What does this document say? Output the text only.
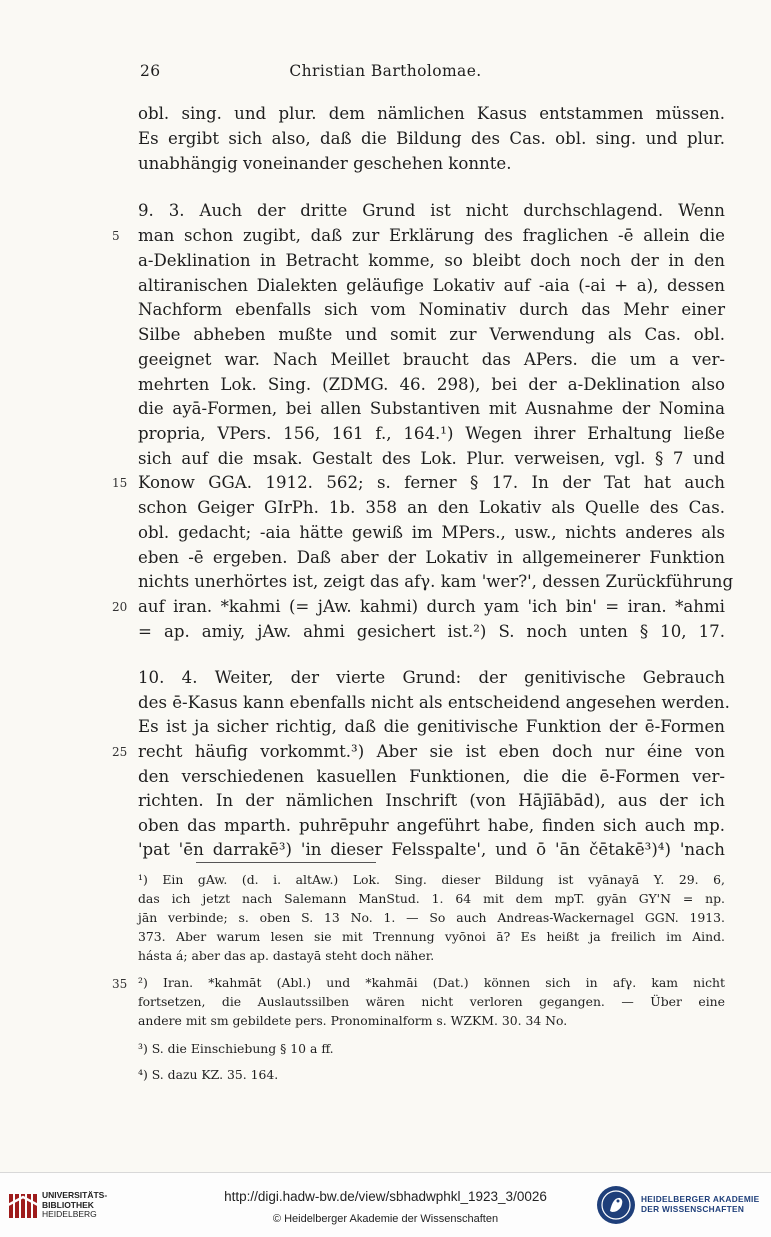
26	Christian Bartholomae.
obl. sing. und plur. dem nämlichen Kasus entstammen müssen.
Es ergibt sich also, daß die Bildung des Cas. obl. sing. und plur.
unabhängig voneinander geschehen konnte.
9. 3. Auch der dritte Grund ist nicht durchschlagend. Wenn
man schon zugibt, daß zur Erklärung des fraglichen -ē allein die
a-Deklination in Betracht komme, so bleibt doch noch der in den
altiranischen Dialekten geläufige Lokativ auf -aia (-ai + a), dessen
Nachform ebenfalls sich vom Nominativ durch das Mehr einer
Silbe abheben mußte und somit zur Verwendung als Cas. obl.
geeignet war. Nach Meillet braucht das APers. die um a ver-
mehrten Lok. Sing. (ZDMG. 46. 298), bei der a-Deklination also
die ayā-Formen, bei allen Substantiven mit Ausnahme der Nomina
propria, VPers. 156, 161 f., 164.¹) Wegen ihrer Erhaltung ließe
sich auf die msak. Gestalt des Lok. Plur. verweisen, vgl. § 7 und
Konow GGA. 1912. 562; s. ferner § 17. In der Tat hat auch
schon Geiger GIrPh. 1b. 358 an den Lokativ als Quelle des Cas.
obl. gedacht; -aia hätte gewiß im MPers., usw., nichts anderes als
eben -ē ergeben. Daß aber der Lokativ in allgemeinerer Funktion
nichts unerhörtes ist, zeigt das afγ. kam 'wer?', dessen Zurückführung
auf iran. *kahmi (= jAw. kahmi) durch yam 'ich bin' = iran. *ahmi
= ap. amiy, jAw. ahmi gesichert ist.²) S. noch unten § 10, 17.
10. 4. Weiter, der vierte Grund: der genitivische Gebrauch
des ē-Kasus kann ebenfalls nicht als entscheidend angesehen werden.
Es ist ja sicher richtig, daß die genitivische Funktion der ē-Formen
recht häufig vorkommt.³) Aber sie ist eben doch nur éine von
den verschiedenen kasuellen Funktionen, die die ē-Formen ver-
richten. In der nämlichen Inschrift (von Hājīābād), aus der ich
oben das mparth. puhrēpuhr angeführt habe, finden sich auch mp.
'pat 'ēn darrakē³) 'in dieser Felsspalte', und ō 'ān čētakē³)⁴) 'nach
5
15
20
25
35
¹) Ein gAw. (d. i. altAw.) Lok. Sing. dieser Bildung ist vyānayā Y. 29. 6,
das ich jetzt nach Salemann ManStud. 1. 64 mit dem mpT. gyān GY'N = np.
jān verbinde; s. oben S. 13 No. 1. — So auch Andreas-Wackernagel GGN. 1913.
373. Aber warum lesen sie mit Trennung vyōnoi ā? Es heißt ja freilich im Aind.
hásta á; aber das ap. dastayā steht doch näher.
²) Iran. *kahmāt (Abl.) und *kahmāi (Dat.) können sich in afγ. kam nicht
fortsetzen, die Auslautssilben wären nicht verloren gegangen. — Über eine
andere mit sm gebildete pers. Pronominalform s. WZKM. 30. 34 No.
³) S. die Einschiebung § 10 a ff.
⁴) S. dazu KZ. 35. 164.
UNIVERSITÄTS-
BIBLIOTHEK
HEIDELBERG
http://digi.hadw-bw.de/view/sbhadwphkl_1923_3/0026
© Heidelberger Akademie der Wissenschaften
HEIDELBERGER AKADEMIE
DER WISSENSCHAFTEN
